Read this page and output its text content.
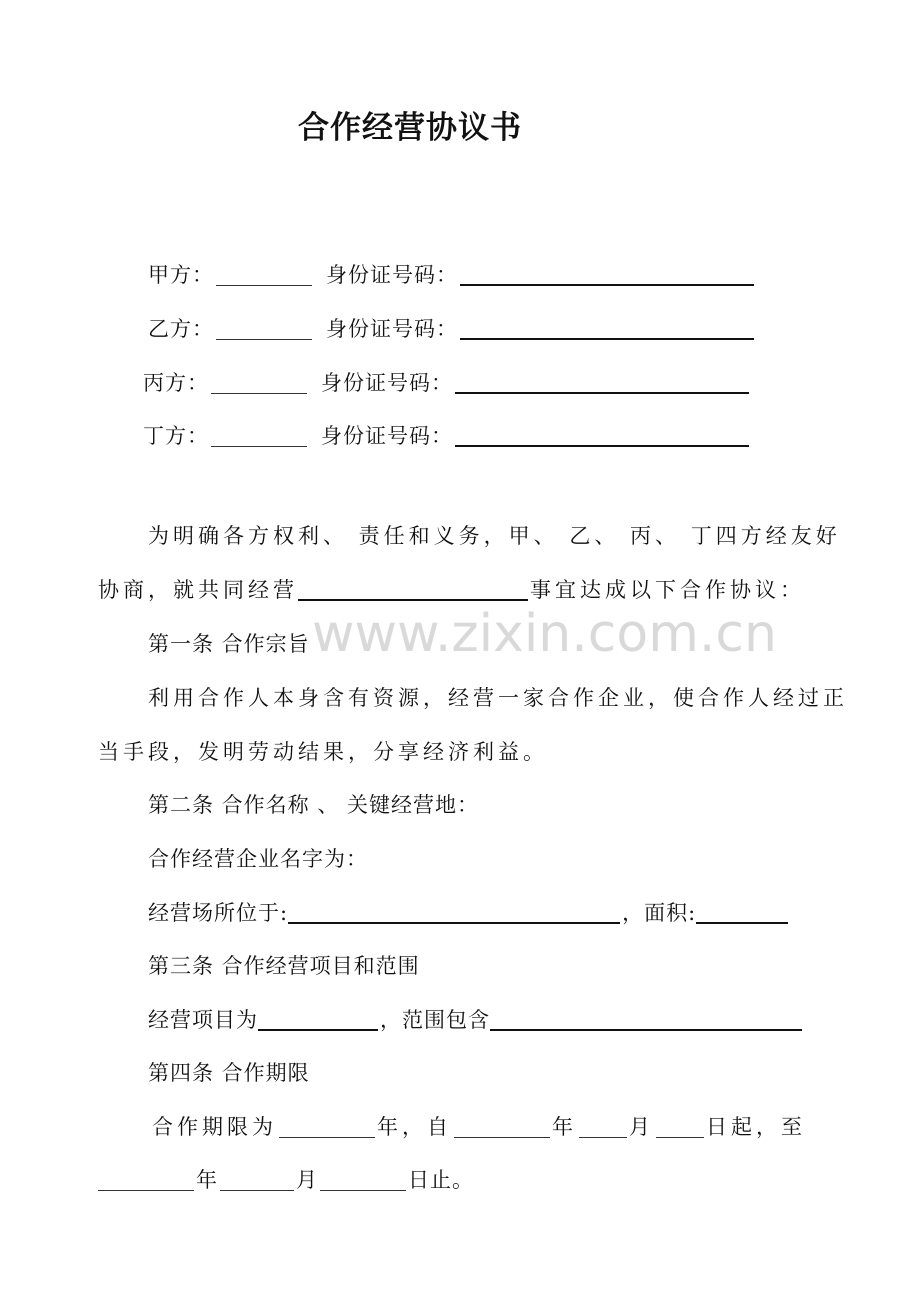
合作经营协议书
甲方：	身份证号码：
乙方：	身份证号码：
丙方：	身份证号码：
丁方：	身份证号码：
为明确各方权利、 责任和义务，甲、 乙、 丙、 丁四方经友好
协商，就共同经营	事宜达成以下合作协议：
www.zixin.com.cn
第一条 合作宗旨
利用合作人本身含有资源，经营一家合作企业，使合作人经过正
当手段，发明劳动结果，分享经济利益。
第二条 合作名称 、 关键经营地：
合作经营企业名字为：
经营场所位于:	，面积:
第三条 合作经营项目和范围
经营项目为	，范围包含
第四条 合作期限
合作期限为	年，自	年 月 日起，至
年	月	日止。
